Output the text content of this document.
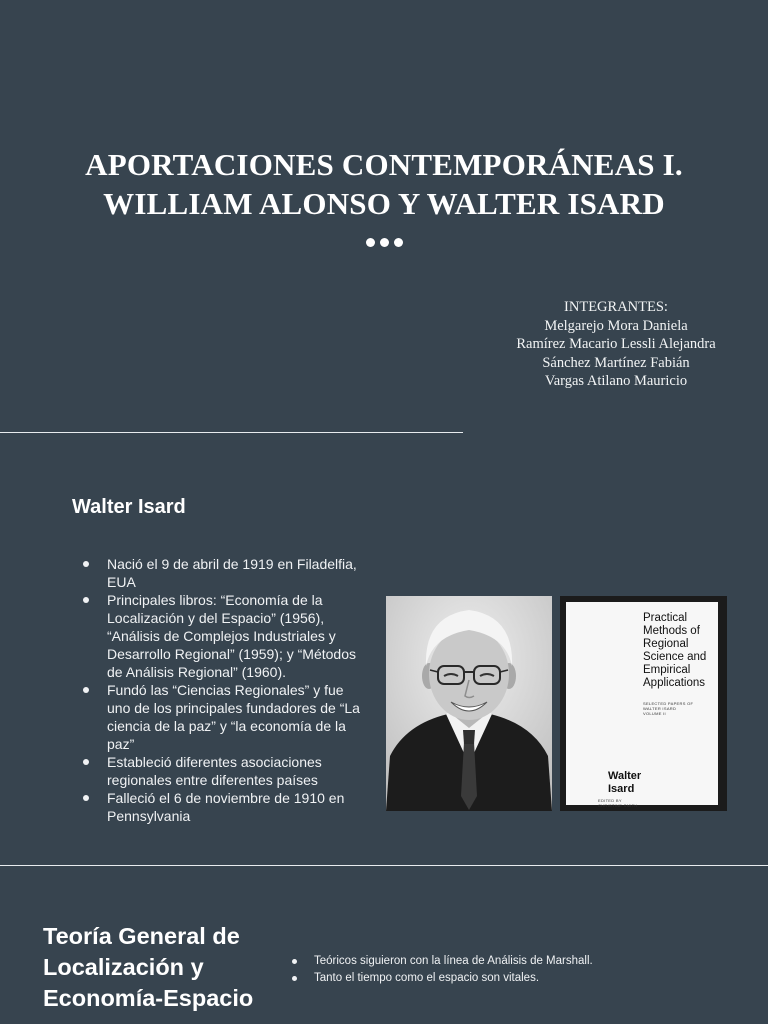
APORTACIONES CONTEMPORÁNEAS I.
WILLIAM ALONSO Y WALTER ISARD
INTEGRANTES:
Melgarejo Mora Daniela
Ramírez Macario Lessli Alejandra
Sánchez Martínez Fabián
Vargas Atilano Mauricio
Walter Isard
Nació el 9 de abril de 1919 en Filadelfia, EUA
Principales libros: “Economía de la Localización y del Espacio” (1956), “Análisis de Complejos Industriales y Desarrollo Regional” (1959); y “Métodos de Análisis Regional” (1960).
Fundó las “Ciencias Regionales” y fue uno de los principales fundadores de “La ciencia de la paz” y “la economía de la paz”
Estableció diferentes asociaciones regionales entre diferentes países
Falleció el 6 de noviembre de 1910 en Pennsylvania
Practical
Methods of
Regional
Science and
Empirical
Applications
SELECTED PAPERS OF
WALTER ISARD
VOLUME II
Walter
Isard
EDITED BY
CHRISTINE SMITH
Teoría General de
Localización y
Economía-Espacio
Teóricos siguieron con la línea de Análisis de Marshall.
Tanto el tiempo como el espacio son vitales.
